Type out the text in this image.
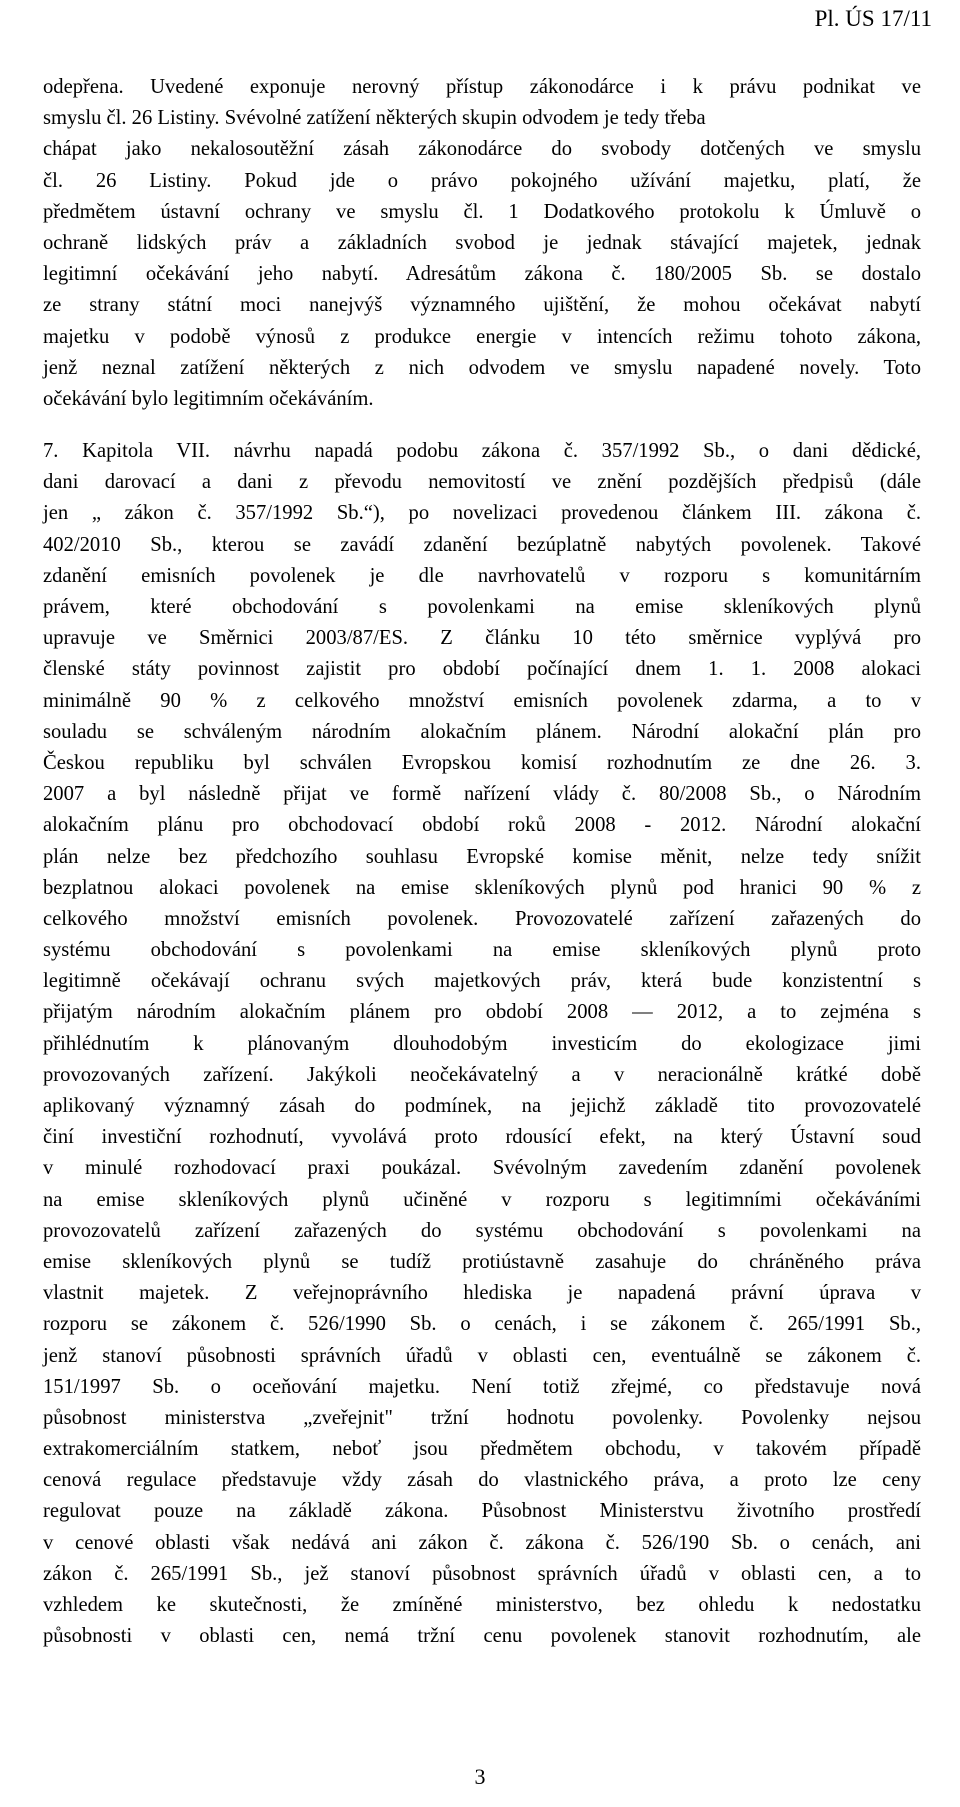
Pl. ÚS 17/11
odepřena. Uvedené exponuje nerovný přístup zákonodárce i k právu podnikat ve
smyslu čl. 26 Listiny. Svévolné zatížení některých skupin odvodem je tedy třeba
chápat jako nekalosoutěžní zásah zákonodárce do svobody dotčených ve smyslu
čl. 26 Listiny. Pokud jde o právo pokojného užívání majetku, platí, že
předmětem ústavní ochrany ve smyslu čl. 1 Dodatkového protokolu k Úmluvě o
ochraně lidských práv a základních svobod je jednak stávající majetek, jednak
legitimní očekávání jeho nabytí. Adresátům zákona č. 180/2005 Sb. se dostalo
ze strany státní moci nanejvýš významného ujištění, že mohou očekávat nabytí
majetku v podobě výnosů z produkce energie v intencích režimu tohoto zákona,
jenž neznal zatížení některých z nich odvodem ve smyslu napadené novely. Toto
očekávání bylo legitimním očekáváním.
7. Kapitola VII. návrhu napadá podobu zákona č. 357/1992 Sb., o dani dědické,
dani darovací a dani z převodu nemovitostí ve znění pozdějších předpisů (dále
jen „ zákon č. 357/1992 Sb.“), po novelizaci provedenou článkem III. zákona č.
402/2010 Sb., kterou se zavádí zdanění bezúplatně nabytých povolenek. Takové
zdanění emisních povolenek je dle navrhovatelů v rozporu s komunitárním
právem, které obchodování s povolenkami na emise skleníkových plynů
upravuje ve Směrnici 2003/87/ES. Z článku 10 této směrnice vyplývá pro
členské státy povinnost zajistit pro období počínající dnem 1. 1. 2008 alokaci
minimálně 90 % z celkového množství emisních povolenek zdarma, a to v
souladu se schváleným národním alokačním plánem. Národní alokační plán pro
Českou republiku byl schválen Evropskou komisí rozhodnutím ze dne 26. 3.
2007 a byl následně přijat ve formě nařízení vlády č. 80/2008 Sb., o Národním
alokačním plánu pro obchodovací období roků 2008 - 2012. Národní alokační
plán nelze bez předchozího souhlasu Evropské komise měnit, nelze tedy snížit
bezplatnou alokaci povolenek na emise skleníkových plynů pod hranici 90 % z
celkového množství emisních povolenek. Provozovatelé zařízení zařazených do
systému obchodování s povolenkami na emise skleníkových plynů proto
legitimně očekávají ochranu svých majetkových práv, která bude konzistentní s
přijatým národním alokačním plánem pro období 2008 — 2012, a to zejména s
přihlédnutím k plánovaným dlouhodobým investicím do ekologizace jimi
provozovaných zařízení. Jakýkoli neočekávatelný a v neracionálně krátké době
aplikovaný významný zásah do podmínek, na jejichž základě tito provozovatelé
činí investiční rozhodnutí, vyvolává proto rdousící efekt, na který Ústavní soud
v minulé rozhodovací praxi poukázal. Svévolným zavedením zdanění povolenek
na emise skleníkových plynů učiněné v rozporu s legitimními očekáváními
provozovatelů zařízení zařazených do systému obchodování s povolenkami na
emise skleníkových plynů se tudíž protiústavně zasahuje do chráněného práva
vlastnit majetek. Z veřejnoprávního hlediska je napadená právní úprava v
rozporu se zákonem č. 526/1990 Sb. o cenách, i se zákonem č. 265/1991 Sb.,
jenž stanoví působnosti správních úřadů v oblasti cen, eventuálně se zákonem č.
151/1997 Sb. o oceňování majetku. Není totiž zřejmé, co představuje nová
působnost ministerstva „zveřejnit" tržní hodnotu povolenky. Povolenky nejsou
extrakomerciálním statkem, neboť jsou předmětem obchodu, v takovém případě
cenová regulace představuje vždy zásah do vlastnického práva, a proto lze ceny
regulovat pouze na základě zákona. Působnost Ministerstvu životního prostředí
v cenové oblasti však nedává ani zákon č. zákona č. 526/190 Sb. o cenách, ani
zákon č. 265/1991 Sb., jež stanoví působnost správních úřadů v oblasti cen, a to
vzhledem ke skutečnosti, že zmíněné ministerstvo, bez ohledu k nedostatku
působnosti v oblasti cen, nemá tržní cenu povolenek stanovit rozhodnutím, ale
3
